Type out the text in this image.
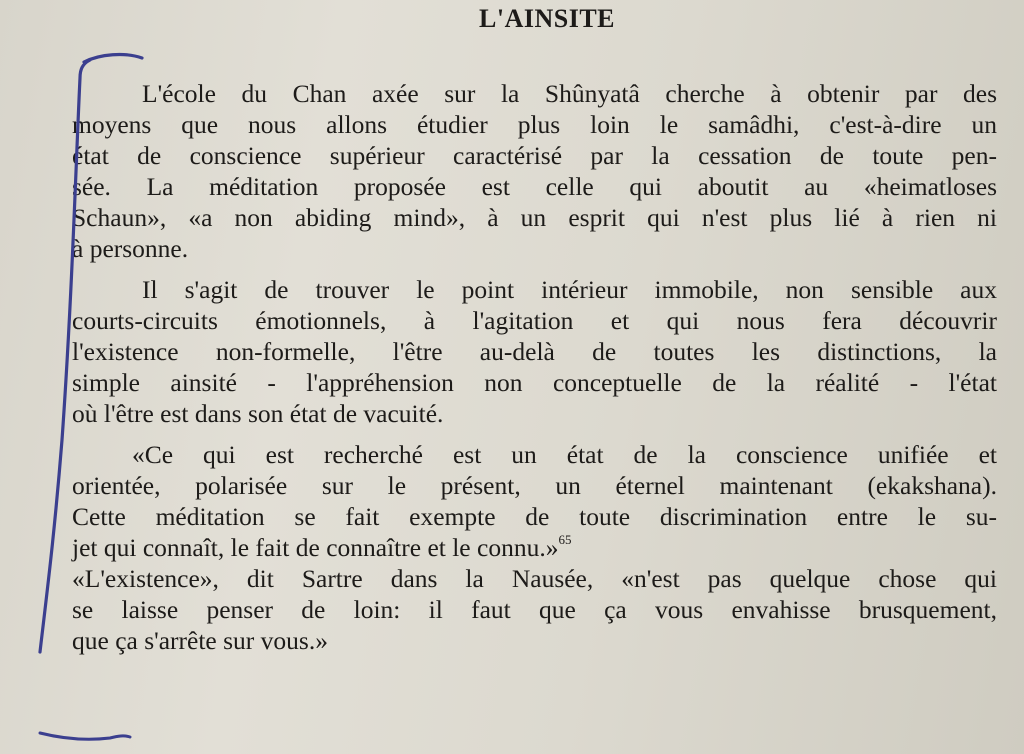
L'AINSITE
L'école du Chan axée sur la Shûnyatâ cherche à obtenir par des
moyens que nous allons étudier plus loin le samâdhi, c'est-à-dire un
état de conscience supérieur caractérisé par la cessation de toute pen-
sée. La méditation proposée est celle qui aboutit au «heimatloses
Schaun», «a non abiding mind», à un esprit qui n'est plus lié à rien ni
à personne.
Il s'agit de trouver le point intérieur immobile, non sensible aux
courts-circuits émotionnels, à l'agitation et qui nous fera découvrir
l'existence non-formelle, l'être au-delà de toutes les distinctions, la
simple ainsité - l'appréhension non conceptuelle de la réalité - l'état
où l'être est dans son état de vacuité.
«Ce qui est recherché est un état de la conscience unifiée et
orientée, polarisée sur le présent, un éternel maintenant (ekakshana).
Cette méditation se fait exempte de toute discrimination entre le su-
jet qui connaît, le fait de connaître et le connu.»$^{65}$
«L'existence», dit Sartre dans la Nausée, «n'est pas quelque chose qui
se laisse penser de loin: il faut que ça vous envahisse brusquement,
que ça s'arrête sur vous.»
